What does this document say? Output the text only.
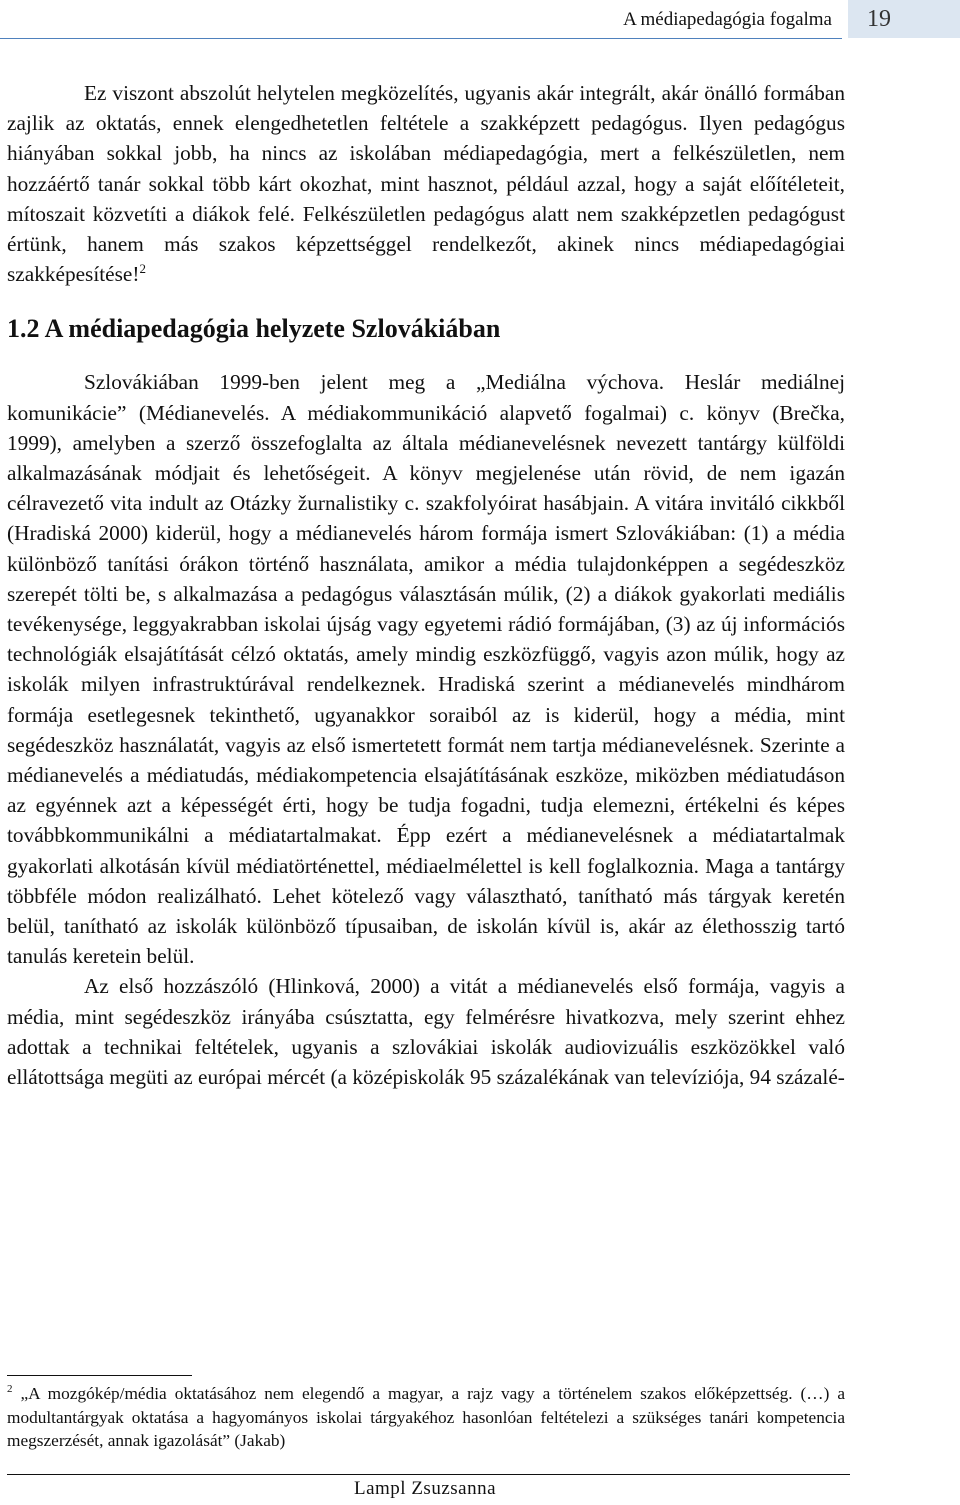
A médiapedagógia fogalma 19

Ez viszont abszolút helytelen megközelítés, ugyanis akár integrált, akár önálló formában zajlik az oktatás, ennek elengedhetetlen feltétele a szakképzett pedagógus. Ilyen pedagógus hiányában sokkal jobb, ha nincs az iskolában médiapedagógia, mert a felkészületlen, nem hozzáértő tanár sokkal több kárt okozhat, mint hasznot, például azzal, hogy a saját előítéleteit, mítoszait közvetíti a diákok felé. Felkészületlen pedagógus alatt nem szakképzetlen pedagógust értünk, hanem más szakos képzettséggel rendelkezőt, akinek nincs médiapedagógiai szakképesítése!$^2$

1.2 A médiapedagógia helyzete Szlovákiában

Szlovákiában 1999-ben jelent meg a „Mediálna výchova. Heslár mediálnej komunikácie” (Médianevelés. A médiakommunikáció alapvető fogalmai) c. könyv (Brečka, 1999), amelyben a szerző összefoglalta az általa médianevelésnek nevezett tantárgy külföldi alkalmazásának módjait és lehetőségeit. A könyv megjelenése után rövid, de nem igazán célravezető vita indult az Otázky žurnalistiky c. szakfolyóirat hasábjain. A vitára invitáló cikkből (Hradiská 2000) kiderül, hogy a médianevelés három formája ismert Szlovákiában: (1) a média különböző tanítási órákon történő használata, amikor a média tulajdonképpen a segédeszköz szerepét tölti be, s alkalmazása a pedagógus választásán múlik, (2) a diákok gyakorlati mediális tevékenysége, leggyakrabban iskolai újság vagy egyetemi rádió formájában, (3) az új információs technológiák elsajátítását célzó oktatás, amely mindig eszközfüggő, vagyis azon múlik, hogy az iskolák milyen infrastruktúrával rendelkeznek. Hradiská szerint a médianevelés mindhárom formája esetlegesnek tekinthető, ugyanakkor soraiból az is kiderül, hogy a média, mint segédeszköz használatát, vagyis az első ismertetett formát nem tartja médianevelésnek. Szerinte a médianevelés a médiatudás, médiakompetencia elsajátításának eszköze, miközben médiatudáson az egyénnek azt a képességét érti, hogy be tudja fogadni, tudja elemezni, értékelni és képes továbbkommunikálni a médiatartalmakat. Épp ezért a médianevelésnek a médiatartalmak gyakorlati alkotásán kívül médiatörténettel, médiaelmélettel is kell foglalkoznia. Maga a tantárgy többféle módon realizálható. Lehet kötelező vagy választható, tanítható más tárgyak keretén belül, tanítható az iskolák különböző típusaiban, de iskolán kívül is, akár az élethosszig tartó tanulás keretein belül.

Az első hozzászóló (Hlinková, 2000) a vitát a médianevelés első formája, vagyis a média, mint segédeszköz irányába csúsztatta, egy felmérésre hivatkozva, mely szerint ehhez adottak a technikai feltételek, ugyanis a szlovákiai iskolák audiovizuális eszközökkel való ellátottsága megüti az európai mércét (a középiskolák 95 százalékának van televíziója, 94 százalé-

$^2$ „A mozgókép/média oktatásához nem elegendő a magyar, a rajz vagy a történelem szakos előképzettség. (…) a modultantárgyak oktatása a hagyományos iskolai tárgyakéhoz hasonlóan feltételezi a szükséges tanári kompetencia megszerzését, annak igazolását” (Jakab)
Lampl Zsuzsanna
